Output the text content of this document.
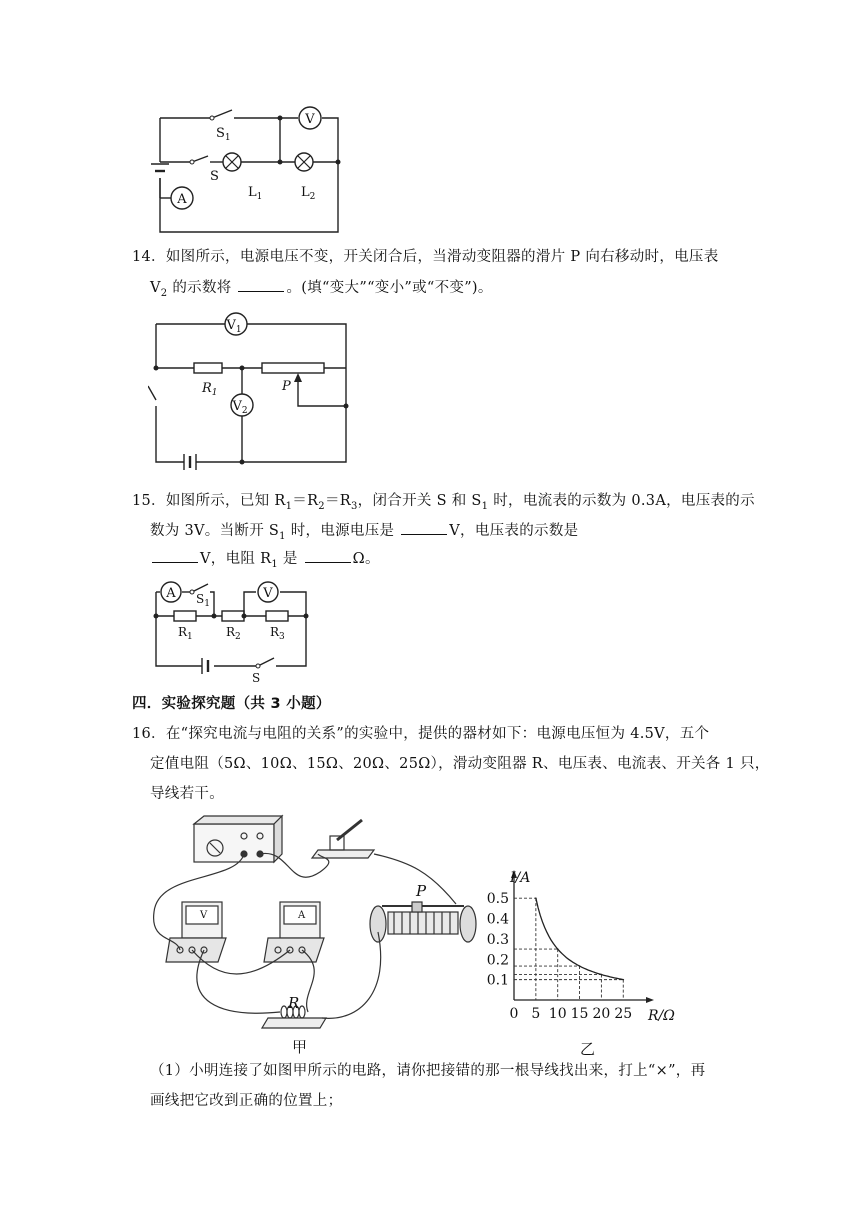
V
A
$S_1$
S
$L_1$	$L_2$
14．如图所示，电源电压不变，开关闭合后，当滑动变阻器的滑片 P 向右移动时，电压表
$V_2$ 的示数将	。(填“变大”“变小”或“不变”)。
$V_1$
$V_2$
$R_1$	P
15．如图所示，已知 $R_1=R_2=R_3$，闭合开关 S 和 $S_1$ 时，电流表的示数为 0.3A，电压表的示
数为 3V。当断开 $S_1$ 时，电源电压是	V，电压表的示数是
V，电阻 $R_1$ 是	Ω。
A	V
$S_1$
$R_1$	$R_2$ $R_3$
S
四．实验探究题（共 3 小题）
16．在“探究电流与电阻的关系”的实验中，提供的器材如下：电源电压恒为 4.5V，五个
定值电阻（5Ω、10Ω、15Ω、20Ω、25Ω），滑动变阻器 R、电压表、电流表、开关各 1 只，
导线若干。
V	A
P
R
甲
I/A
R/Ω
0 5 10 15 20 25
0.1
0.2
0.3
0.4
0.5
乙
（1）小明连接了如图甲所示的电路，请你把接错的那一根导线找出来，打上“×”，再
画线把它改到正确的位置上；
